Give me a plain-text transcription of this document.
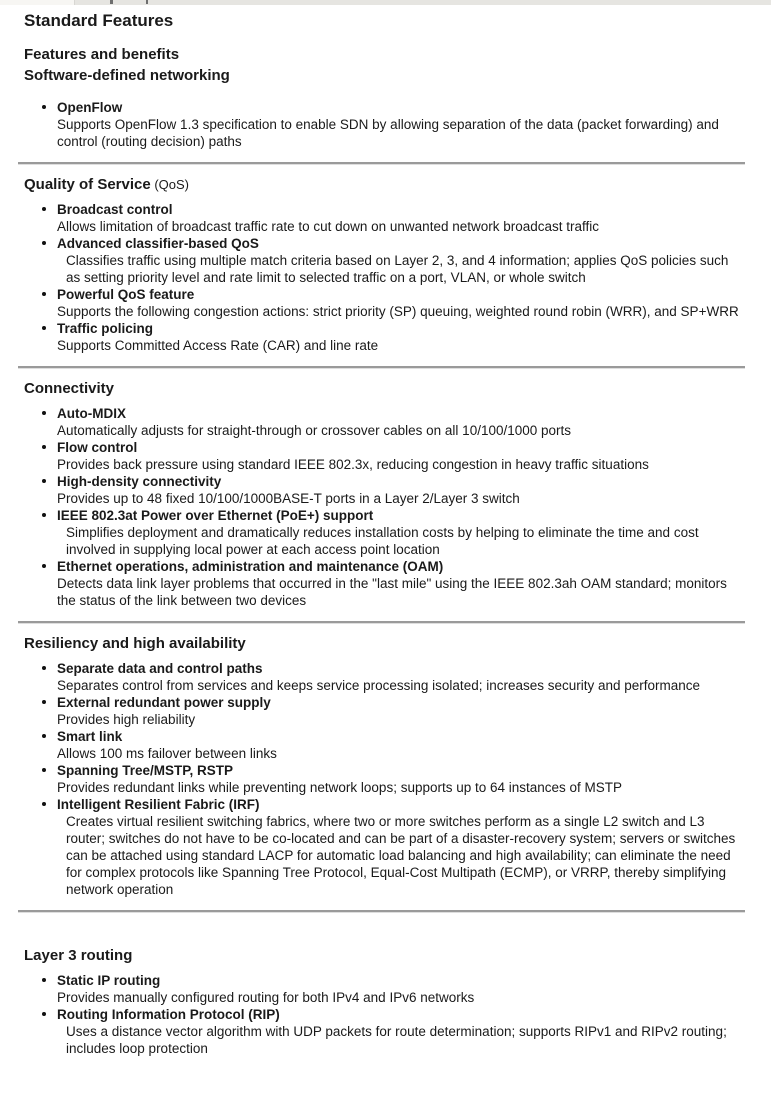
Standard Features
Features and benefits
Software-defined networking
OpenFlow
Supports OpenFlow 1.3 specification to enable SDN by allowing separation of the data (packet forwarding) and control (routing decision) paths
Quality of Service (QoS)
Broadcast control
Allows limitation of broadcast traffic rate to cut down on unwanted network broadcast traffic
Advanced classifier-based QoS
Classifies traffic using multiple match criteria based on Layer 2, 3, and 4 information; applies QoS policies such as setting priority level and rate limit to selected traffic on a port, VLAN, or whole switch
Powerful QoS feature
Supports the following congestion actions: strict priority (SP) queuing, weighted round robin (WRR), and SP+WRR
Traffic policing
Supports Committed Access Rate (CAR) and line rate
Connectivity
Auto-MDIX
Automatically adjusts for straight-through or crossover cables on all 10/100/1000 ports
Flow control
Provides back pressure using standard IEEE 802.3x, reducing congestion in heavy traffic situations
High-density connectivity
Provides up to 48 fixed 10/100/1000BASE-T ports in a Layer 2/Layer 3 switch
IEEE 802.3at Power over Ethernet (PoE+) support
Simplifies deployment and dramatically reduces installation costs by helping to eliminate the time and cost involved in supplying local power at each access point location
Ethernet operations, administration and maintenance (OAM)
Detects data link layer problems that occurred in the "last mile" using the IEEE 802.3ah OAM standard; monitors the status of the link between two devices
Resiliency and high availability
Separate data and control paths
Separates control from services and keeps service processing isolated; increases security and performance
External redundant power supply
Provides high reliability
Smart link
Allows 100 ms failover between links
Spanning Tree/MSTP, RSTP
Provides redundant links while preventing network loops; supports up to 64 instances of MSTP
Intelligent Resilient Fabric (IRF)
Creates virtual resilient switching fabrics, where two or more switches perform as a single L2 switch and L3 router; switches do not have to be co-located and can be part of a disaster-recovery system; servers or switches can be attached using standard LACP for automatic load balancing and high availability; can eliminate the need for complex protocols like Spanning Tree Protocol, Equal-Cost Multipath (ECMP), or VRRP, thereby simplifying network operation
Layer 3 routing
Static IP routing
Provides manually configured routing for both IPv4 and IPv6 networks
Routing Information Protocol (RIP)
Uses a distance vector algorithm with UDP packets for route determination; supports RIPv1 and RIPv2 routing; includes loop protection
